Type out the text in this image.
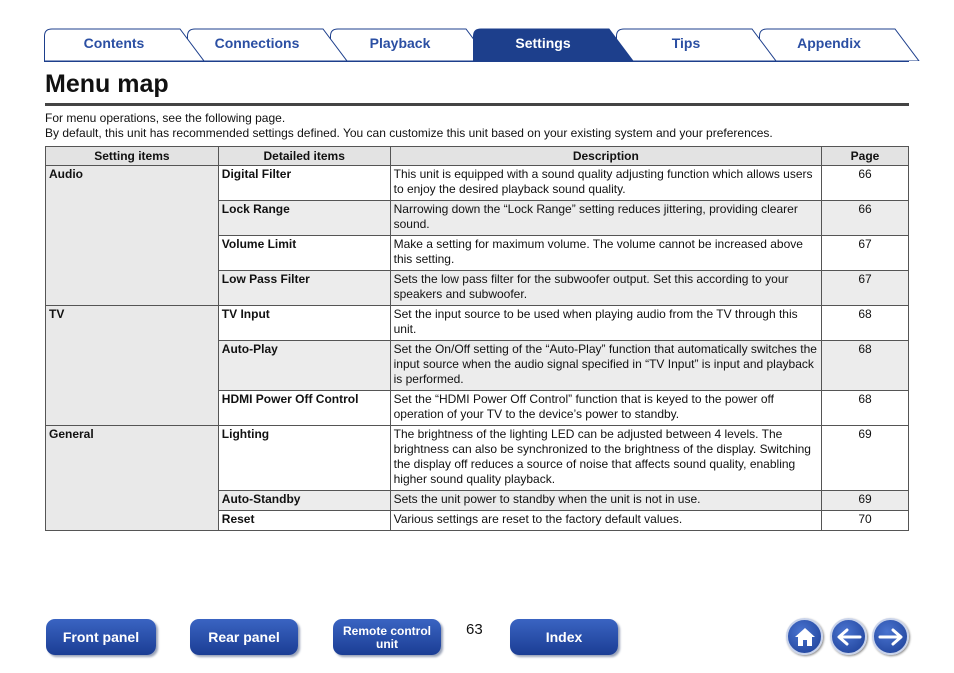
Contents	Connections	Playback	Settings	Tips	Appendix
Menu map
For menu operations, see the following page.
By default, this unit has recommended settings defined. You can customize this unit based on your existing system and your preferences.
Setting items	Detailed items	Description	Page
Audio	Digital Filter	This unit is equipped with a sound quality adjusting function which allows users to enjoy the desired playback sound quality.	66
	Lock Range	Narrowing down the “Lock Range” setting reduces jittering, providing clearer sound.	66
	Volume Limit	Make a setting for maximum volume. The volume cannot be increased above this setting.	67
	Low Pass Filter	Sets the low pass filter for the subwoofer output. Set this according to your speakers and subwoofer.	67
TV	TV Input	Set the input source to be used when playing audio from the TV through this unit.	68
	Auto-Play	Set the On/Off setting of the “Auto-Play” function that automatically switches the input source when the audio signal specified in “TV Input” is input and playback is performed.	68
	HDMI Power Off Control	Set the “HDMI Power Off Control” function that is keyed to the power off operation of your TV to the device’s power to standby.	68
General	Lighting	The brightness of the lighting LED can be adjusted between 4 levels. The brightness can also be synchronized to the brightness of the display. Switching the display off reduces a source of noise that affects sound quality, enabling higher sound quality playback.	69
	Auto-Standby	Sets the unit power to standby when the unit is not in use.	69
	Reset	Various settings are reset to the factory default values.	70
Front panel	Rear panel	Remote control
unit
63	Index
